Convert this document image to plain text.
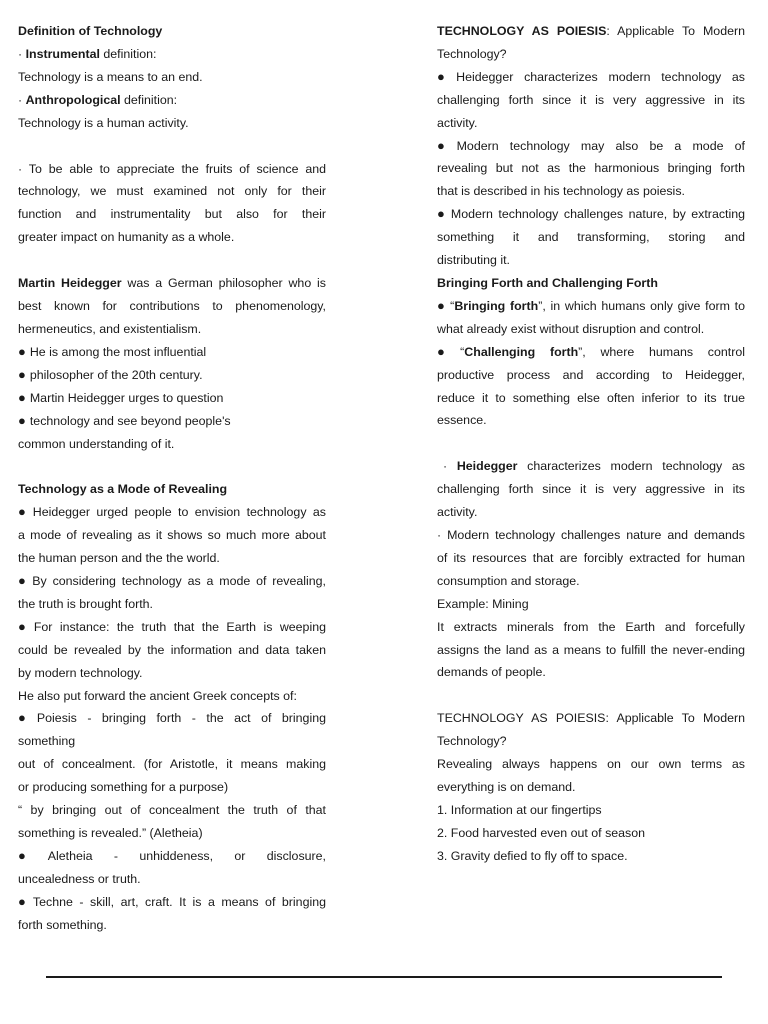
Definition of Technology

· Instrumental definition:

Technology is a means to an end.

· Anthropological definition:

Technology is a human activity.

· To be able to appreciate the fruits of science and

technology, we must examined not only for their

function and instrumentality but also for their

greater impact on humanity as a whole.

Martin Heidegger was a German philosopher who is

best known for contributions to phenomenology,

hermeneutics, and existentialism.

● He is among the most influential

● philosopher of the 20th century.

● Martin Heidegger urges to question

● technology and see beyond people's

common understanding of it.

Technology as a Mode of Revealing

● Heidegger urged people to envision technology as

a mode of revealing as it shows so much more about

the human person and the the world.

● By considering technology as a mode of revealing,

the truth is brought forth.

● For instance: the truth that the Earth is weeping

could be revealed by the information and data taken

by modern technology.

He also put forward the ancient Greek concepts of:

● Poiesis - bringing forth - the act of bringing

something

out of concealment. (for Aristotle, it means making

or producing something for a purpose)

“ by bringing out of concealment the truth of that

something is revealed.” (Aletheia)

● Aletheia - unhiddeness, or disclosure,

uncealedness or truth.

● Techne - skill, art, craft. It is a means of bringing

forth something.

TECHNOLOGY AS POIESIS: Applicable To Modern

Technology?

● Heidegger characterizes modern technology as

challenging forth since it is very aggressive in its

activity.

● Modern technology may also be a mode of

revealing but not as the harmonious bringing forth

that is described in his technology as poiesis.

● Modern technology challenges nature, by extracting

something it and transforming, storing and

distributing it.

Bringing Forth and Challenging Forth

● “Bringing forth”, in which humans only give form to

what already exist without disruption and control.

● “Challenging forth”, where humans control

productive process and according to Heidegger,

reduce it to something else often inferior to its true

essence.

· Heidegger characterizes modern technology as

challenging forth since it is very aggressive in its

activity.

· Modern technology challenges nature and demands

of its resources that are forcibly extracted for human

consumption and storage.

Example: Mining

It extracts minerals from the Earth and forcefully

assigns the land as a means to fulfill the never-ending

demands of people.

TECHNOLOGY AS POIESIS: Applicable To Modern

Technology?

Revealing always happens on our own terms as

everything is on demand.

1. Information at our fingertips

2. Food harvested even out of season

3. Gravity defied to fly off to space.
